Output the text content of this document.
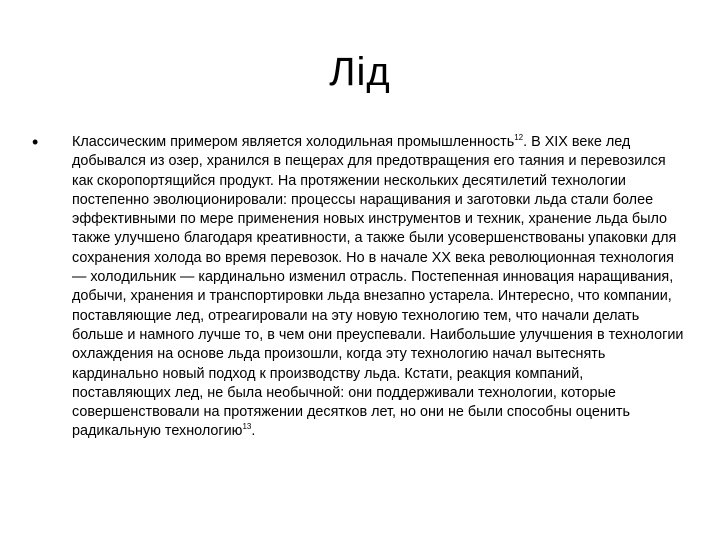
Лід
• Классическим примером является холодильная промышленность$^{12}$. В XIX веке лед добывался из озер, хранился в пещерах для предотвращения его таяния и перевозился как скоропортящийся продукт. На протяжении нескольких десятилетий технологии постепенно эволюционировали: процессы наращивания и заготовки льда стали более эффективными по мере применения новых инструментов и техник, хранение льда было также улучшено благодаря креативности, а также были усовершенствованы упаковки для сохранения холода во время перевозок. Но в начале XX века революционная технология — холодильник — кардинально изменил отрасль. Постепенная инновация наращивания, добычи, хранения и транспортировки льда внезапно устарела. Интересно, что компании, поставляющие лед, отреагировали на эту новую технологию тем, что начали делать больше и намного лучше то, в чем они преуспевали. Наибольшие улучшения в технологии охлаждения на основе льда произошли, когда эту технологию начал вытеснять кардинально новый подход к производству льда. Кстати, реакция компаний, поставляющих лед, не была необычной: они поддерживали технологии, которые совершенствовали на протяжении десятков лет, но они не были способны оценить радикальную технологию$^{13}$.
